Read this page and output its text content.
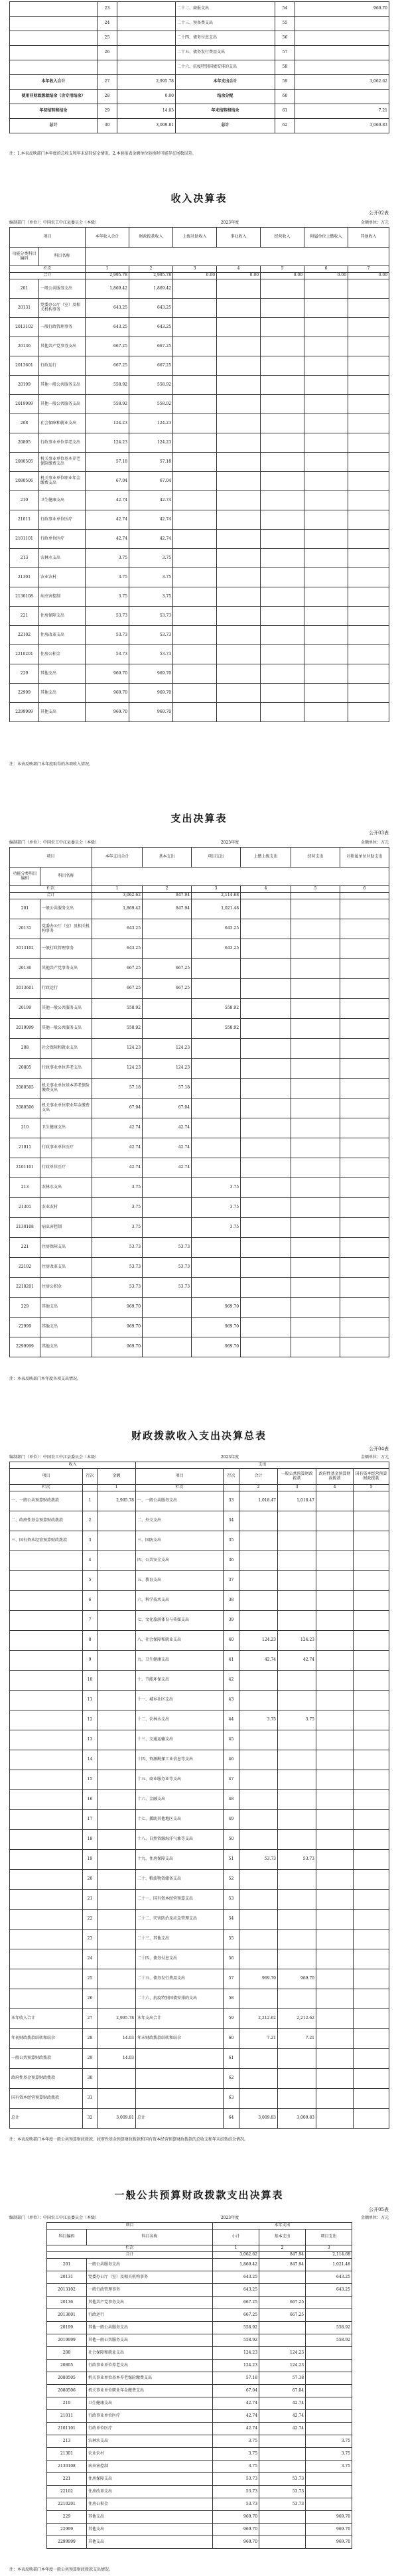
	23		二十二、商报支出	54	969.70
	24		二十三、预备费支出	55	
	25		二十四、债务付息支出	56	
	26		二十五、债务发行费用支出	57	
			二十六、抗疫特别国债安排的支出	58	
本年收入合计	27	2,995.78	本年支出合计	59	3,062.62
使用非财政拨款结余（含专用结余）	28	0.00	结余分配	60	
年初结转和结余	29	14.03	年末结转和结余	61	7.21
总计	30	3,009.81	总计	62	3,069.83
注：1.本表反映部门本年度的总收支和年末结转结余情况。2.本套报表金额单位转换时可能存在尾数误差。
收入决算表
公开02表
编制部门（单位）：中国农工中江县委员会（本级）	2023年度	金额单位：万元
项目		本年收入合计	财政拨款收入	上级补助收入	事业收入	经营收入	附属单位上缴收入	其他收入
功能分类科目编码	科目名称							
栏次		1	2	3	4	5	6	7
合计		2,995.78	2,995.78	0.00	0.00	0.00	0.00	0.00
201	一般公共服务支出	1,869.42	1,869.42					
20131	党委办公厅（室）及相关机构事务	643.25	643.25					
2013102	一般行政管理事务	643.25	643.25					
20136	其他共产党事务支出	667.25	667.25					
2013601	行政运行	667.25	667.25					
20199	其他一般公共服务支出	558.92	558.92					
2019999	其他一般公共服务支出	558.92	558.92					
208	社会保障和就业支出	124.23	124.23					
20805	行政事业单位养老支出	124.23	124.23					
2080505	机关事业单位基本养老保险缴费支出	57.18	57.18					
2080506	机关事业单位职业年金缴费支出	67.04	67.04					
210	卫生健康支出	42.74	42.74					
21011	行政事业单位医疗	42.74	42.74					
2101101	行政单位医疗	42.74	42.74					
213	农林水支出	3.75	3.75					
21301	农业农村	3.75	3.75					
2130108	病虫害控制	3.75	3.75					
221	住房保障支出	53.73	53.73					
22102	住房改革支出	53.73	53.73					
2210201	住房公积金	53.73	53.73					
229	其他支出	969.70	969.70					
22999	其他支出	969.70	969.70					
2299999	其他支出	969.70	969.70					
注：本表反映部门本年度取得的各项收入情况。
支出决算表
公开03表
编制部门（单位）：中国农工中江县委员会（本级）	2023年度	金额单位：万元
项目		本年支出合计	基本支出	项目支出	上缴上级支出	经营支出	对附属单位补助支出
功能分类科目编码	科目名称						
栏次		1	2	3	4	5	6
合计		3,062.62	847.94	2,114.68			
201	一般公共服务支出	1,869.42	847.94	1,021.48			
20131	党委办公厅（室）及相关机构事务	643.25		643.25			
2013102	一般行政管理事务	643.25		643.25			
20136	其他共产党事务支出	667.25	667.25				
2013601	行政运行	667.25	667.25				
20199	其他一般公共服务支出	558.92		558.92			
2019999	其他一般公共服务支出	558.92		558.92			
208	社会保障和就业支出	124.23	124.23				
20805	行政事业单位养老支出	124.23	124.23				
2080505	机关事业单位基本养老保险缴费支出	57.18	57.18				
2080506	机关事业单位职业年金缴费支出	67.04	67.04				
210	卫生健康支出	42.74	42.74				
21011	行政事业单位医疗	42.74	42.74				
2101101	行政单位医疗	42.74	42.74				
213	农林水支出	3.75		3.75			
21301	农业农村	3.75		3.75			
2130108	病虫害控制	3.75		3.75			
221	住房保障支出	53.73	53.73				
22102	住房改革支出	53.73	53.73				
2210201	住房公积金	53.73	53.73				
229	其他支出	969.70		969.70			
22999	其他支出	969.70		969.70			
2299999	其他支出	969.70		969.70			
注：本表反映部门本年度各项支出情况。
财政拨款收入支出决算总表
公开04表
编制部门（单位）：中国农工中江县委员会（本级）	2023年度	金额单位：万元
收入			支出					
项目	行次	金额	项目	行次	合计	一般公共预算财政拨款	政府性基金预算财政拨款	国有资本经营预算财政拨款
栏次		1	栏次		2	3	4	5
一、一般公共预算财政拨款	1	2,995.78	一、一般公共服务支出	33	1,018.47	1,018.47		
二、政府性基金预算财政拨款	2		二、外交支出	34				
三、国有资本经营预算财政拨款	3		三、国防支出	35				
	4		四、公共安全支出	36				
	5		五、教育支出	37				
	6		六、科学技术支出	38				
	7		七、文化旅游体育与传媒支出	39				
	8		八、社会保障和就业支出	40	124.23	124.23		
	9		九、卫生健康支出	41	42.74	42.74		
	10		十、节能环保支出	42				
	11		十一、城乡社区支出	43				
	12		十二、农林水支出	44	3.75	3.75		
	13		十三、交通运输支出	45				
	14		十四、资源勘探工业信息等支出	46				
	15		十五、商业服务业等支出	47				
	16		十六、金融支出	48				
	17		十七、援助其他地区支出	49				
	18		十八、自然资源海洋气象等支出	50				
	19		十九、住房保障支出	51	53.73	53.73		
	20		二十、粮油物资储备支出	52				
	21		二十一、国有资本经营预算支出	53				
	22		二十二、灾害防治及应急管理支出	54				
	23		二十三、其他支出	55				
	24		二十四、债务付息支出	56				
	25		二十五、债务发行费用支出	57	969.70	969.70		
	26		二十六、抗疫特别国债安排的支出	58				
本年收入合计	27	2,995.78	本年支出合计	59	2,212.62	2,212.62		
年初财政拨款结转和结余	28	14.03	年末财政拨款结转和结余	60	7.21	7.21		
一般公共预算财政拨款	29	14.03		61				
政府性基金预算财政拨款	30			62				
国有资本经营预算财政拨款	31			63				
总计	32	3,009.81	总计	64	3,009.83	3,009.83		
注：本表反映部门本年度一般公共预算财政拨款、政府性基金预算财政拨款和国有资本经营预算财政拨款的总收支和年末结转结余情况。
一般公共预算财政拨款支出决算表
公开05表
编制部门（单位）：中国农工中江县委员会（本级）	2023年度	金额单位：万元
项目		本年支出		
科目编码	科目名称	小计	基本支出	项目支出
栏次		1	2	3
合计		3,062.62	847.94	2,114.68
201	一般公共服务支出	1,869.42	847.94	1,021.48
20131	党委办公厅（室）及相关机构事务	643.25		643.25
2013102	一般行政管理事务	643.25		643.25
20136	其他共产党事务支出	667.25	667.25	
2013601	行政运行	667.25	667.25	
20199	其他一般公共服务支出	558.92		558.92
2019999	其他一般公共服务支出	558.92		558.92
208	社会保障和就业支出	124.23	124.23	
20805	行政事业单位养老支出	124.23	124.23	
2080505	机关事业单位基本养老保险缴费支出	57.18	57.18	
2080506	机关事业单位职业年金缴费支出	67.04	67.04	
210	卫生健康支出	42.74	42.74	
21011	行政事业单位医疗	42.74	42.74	
2101101	行政单位医疗	42.74	42.74	
213	农林水支出	3.75		3.75
21301	农业农村	3.75		3.75
2130108	病虫害控制	3.75		3.75
221	住房保障支出	53.73	53.73	
22102	住房改革支出	53.73	53.73	
2210201	住房公积金	53.73	53.73	
229	其他支出	969.70		969.70
22999	其他支出	969.70		969.70
2299999	其他支出	969.70		969.70
注：本表反映部门本年度一般公共预算财政拨款支出情况。
